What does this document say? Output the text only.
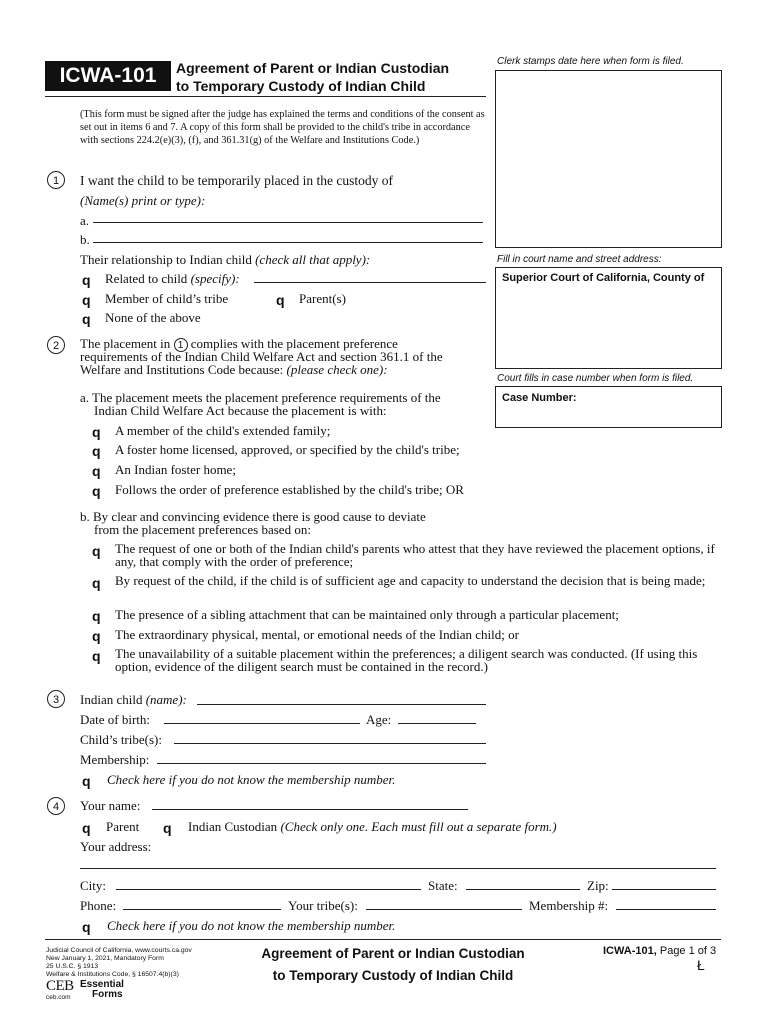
ICWA-101	Agreement of Parent or Indian Custodian
to Temporary Custody of Indian Child
Clerk stamps date here when form is filed.
(This form must be signed after the judge has explained the terms and conditions of the consent as set out in items 6 and 7. A copy of this form shall be provided to the child's tribe in accordance with sections 224.2(e)(3), (f), and 361.31(g) of the Welfare and Institutions Code.)
Fill in court name and street address:
Superior Court of California, County of
Court fills in case number when form is filed.
Case Number:
1	I want the child to be temporarily placed in the custody of
(Name(s) print or type):
a.
b.
Their relationship to Indian child (check all that apply):
q Related to child (specify):
q Member of child’s tribe	q Parent(s)
q None of the above
2	The placement in 1 complies with the placement preference
requirements of the Indian Child Welfare Act and section 361.1 of the
Welfare and Institutions Code because: (please check one):
a. The placement meets the placement preference requirements of the
Indian Child Welfare Act because the placement is with:
q A member of the child's extended family;
q A foster home licensed, approved, or specified by the child's tribe;
q An Indian foster home;
q Follows the order of preference established by the child's tribe; OR
b. By clear and convincing evidence there is good cause to deviate
from the placement preferences based on:
q The request of one or both of the Indian child's parents who attest that they have reviewed the placement options, if any, that comply with the order of preference;
q By request of the child, if the child is of sufficient age and capacity to understand the decision that is being made;
q The presence of a sibling attachment that can be maintained only through a particular placement;
q The extraordinary physical, mental, or emotional needs of the Indian child; or
q The unavailability of a suitable placement within the preferences; a diligent search was conducted. (If using this option, evidence of the diligent search must be contained in the record.)
3	Indian child (name):
Date of birth:	Age:
Child’s tribe(s):
Membership:
q Check here if you do not know the membership number.
4	Your name:
q Parent q Indian Custodian (Check only one. Each must fill out a separate form.)
Your address:
City:	State:	Zip:
Phone:	Your tribe(s):	Membership #:
q Check here if you do not know the membership number.
Judicial Council of California, www.courts.ca.gov
New January 1, 2021, Mandatory Form
25 U.S.C. § 1913
Welfare & Institutions Code, § 16507.4(b)(3)
Agreement of Parent or Indian Custodian
to Temporary Custody of Indian Child
ICWA-101, Page 1 of 3
Ł
CEB
ceb.com
Essential
Forms
